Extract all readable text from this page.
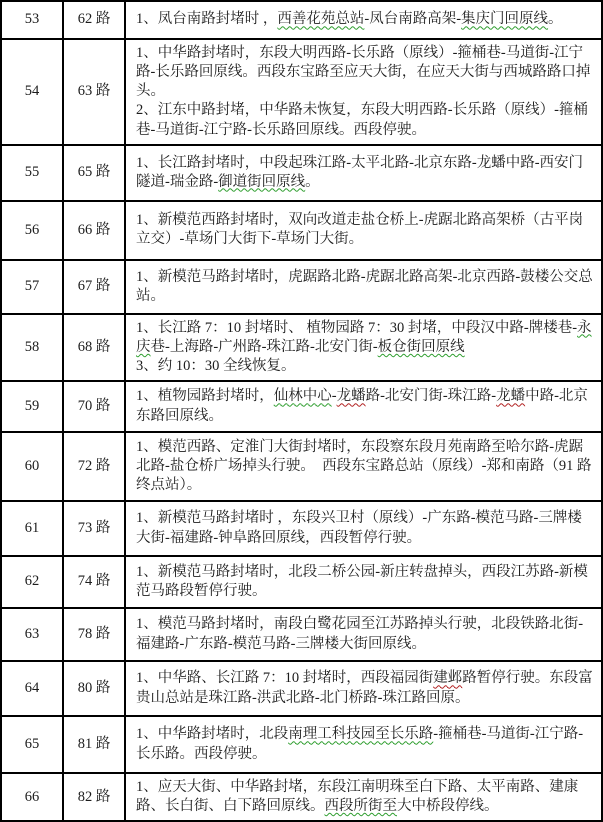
53	62 路	1、凤台南路封堵时 ，西善花苑总站-凤台南路高架-集庆门回原线。
54	63 路	1、中华路封堵时，东段大明西路-长乐路（原线）-箍桶巷-马道街-江宁路-长乐路回原线。西段东宝路至应天大街，在应天大街与西城路路口掉头。
2、江东中路封堵，中华路未恢复，东段大明西路-长乐路（原线）-箍桶巷-马道街-江宁路-长乐路回原线。西段停驶。
55	65 路	1、长江路封堵时，中段起珠江路-太平北路-北京东路-龙蟠中路-西安门隧道-瑞金路-御道街回原线。
56	66 路	1、新模范西路封堵时，双向改道走盐仓桥上-虎踞北路高架桥（古平岗立交）-草场门大街下-草场门大街。
57	67 路	1、新模范马路封堵时，虎踞路北路-虎踞北路高架-北京西路-鼓楼公交总站。
58	68 路	1、长江路 7：10 封堵时、 植物园路 7：30 封堵，中段汉中路-牌楼巷-永庆巷-上海路-广州路-珠江路-北安门街-板仓街回原线
3、约 10：30 全线恢复。
59	70 路	1、植物园路封堵时，仙林中心-龙蟠路-北安门街-珠江路-龙蟠中路-北京东路回原线。
60	72 路	1、模范西路、定淮门大街封堵时，东段察东段月苑南路至哈尔路-虎踞北路-盐仓桥广场掉头行驶。　西段东宝路总站（原线）-郑和南路（91 路终点站）。
61	73 路	1、新模范马路封堵时 ，东段兴卫村（原线）-广东路-模范马路-三牌楼大街-福建路-钟阜路回原线，西段暂停行驶。
62	74 路	1、新模范马路封堵时，北段二桥公园-新庄转盘掉头，西段江苏路-新模范马路段暂停行驶。
63	78 路	1、模范马路封堵时，南段白鹭花园至江苏路掉头行驶，北段铁路北街-福建路-广东路-模范马路-三牌楼大街回原线。
64	80 路	1、中华路、长江路 7：10 封堵时，西段福园街建邺路暂停行驶。东段富贵山总站是珠江路-洪武北路-北门桥路-珠江路回原。
65	81 路	1、中华路封堵时，北段南理工科技园至长乐路-箍桶巷-马道街-江宁路-长乐路。西段停驶。
66	82 路	1、应天大街、中华路封堵，东段江南明珠至白下路、太平南路、建康路、长白街、白下路回原线。西段所街至大中桥段停线。
